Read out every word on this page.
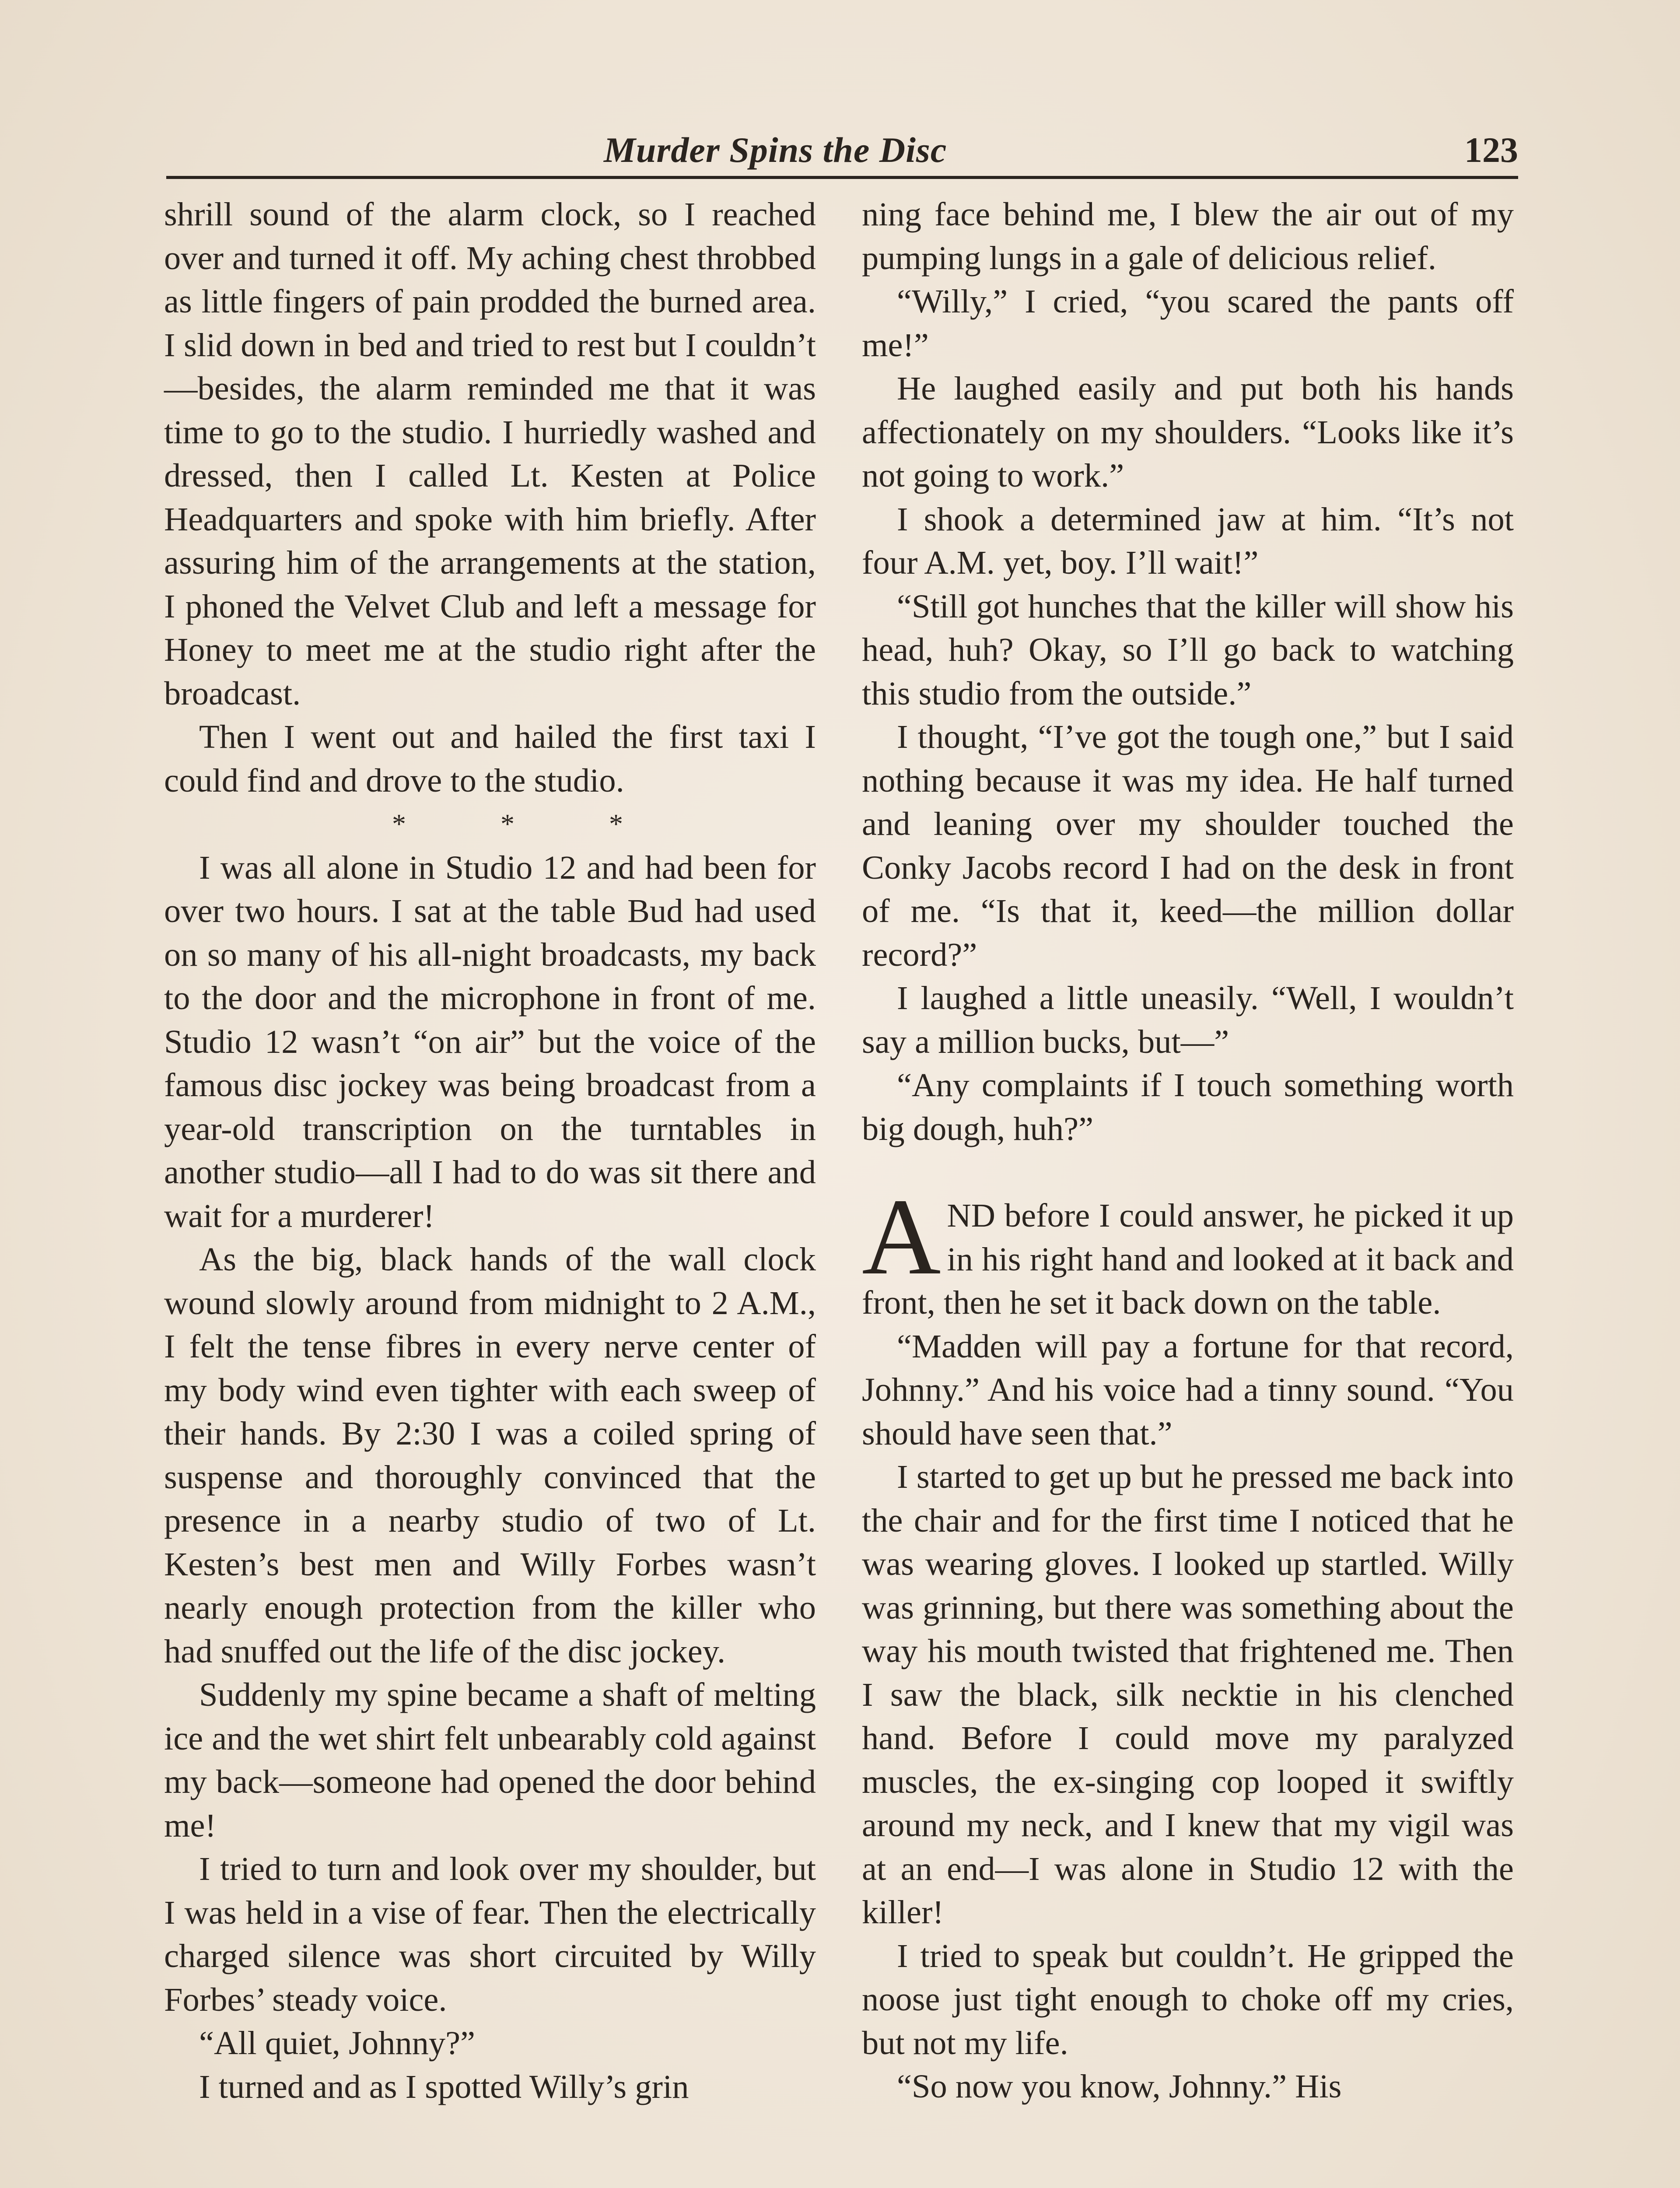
Murder Spins the Disc	123

shrill sound of the alarm clock, so I reached over and turned it off. My aching chest throbbed as little fingers of pain prodded the burned area. I slid down in bed and tried to rest but I couldn’t—besides, the alarm reminded me that it was time to go to the studio. I hurriedly washed and dressed, then I called Lt. Kesten at Police Headquarters and spoke with him briefly. After assuring him of the arrangements at the station, I phoned the Velvet Club and left a message for Honey to meet me at the studio right after the broadcast.

Then I went out and hailed the first taxi I could find and drove to the studio.

* * *

I was all alone in Studio 12 and had been for over two hours. I sat at the table Bud had used on so many of his all-night broadcasts, my back to the door and the microphone in front of me. Studio 12 wasn’t “on air” but the voice of the famous disc jockey was being broadcast from a year-old transcription on the turntables in another studio—all I had to do was sit there and wait for a murderer!

As the big, black hands of the wall clock wound slowly around from midnight to 2 A.M., I felt the tense fibres in every nerve center of my body wind even tighter with each sweep of their hands. By 2:30 I was a coiled spring of suspense and thoroughly convinced that the presence in a nearby studio of two of Lt. Kesten’s best men and Willy Forbes wasn’t nearly enough protection from the killer who had snuffed out the life of the disc jockey.

Suddenly my spine became a shaft of melting ice and the wet shirt felt unbearably cold against my back—someone had opened the door behind me!

I tried to turn and look over my shoulder, but I was held in a vise of fear. Then the electrically charged silence was short circuited by Willy Forbes’ steady voice.

“All quiet, Johnny?”

I turned and as I spotted Willy’s grin

ning face behind me, I blew the air out of my pumping lungs in a gale of delicious relief.

“Willy,” I cried, “you scared the pants off me!”

He laughed easily and put both his hands affectionately on my shoulders. “Looks like it’s not going to work.”

I shook a determined jaw at him. “It’s not four A.M. yet, boy. I’ll wait!”

“Still got hunches that the killer will show his head, huh? Okay, so I’ll go back to watching this studio from the outside.”

I thought, “I’ve got the tough one,” but I said nothing because it was my idea. He half turned and leaning over my shoulder touched the Conky Jacobs record I had on the desk in front of me. “Is that it, keed—the million dollar record?”

I laughed a little uneasily. “Well, I wouldn’t say a million bucks, but—”

“Any complaints if I touch something worth big dough, huh?”

AND before I could answer, he picked it up in his right hand and looked at it back and front, then he set it back down on the table.

“Madden will pay a fortune for that record, Johnny.” And his voice had a tinny sound. “You should have seen that.”

I started to get up but he pressed me back into the chair and for the first time I noticed that he was wearing gloves. I looked up startled. Willy was grinning, but there was something about the way his mouth twisted that frightened me. Then I saw the black, silk necktie in his clenched hand. Before I could move my paralyzed muscles, the ex-singing cop looped it swiftly around my neck, and I knew that my vigil was at an end—I was alone in Studio 12 with the killer!

I tried to speak but couldn’t. He gripped the noose just tight enough to choke off my cries, but not my life.

“So now you know, Johnny.” His
